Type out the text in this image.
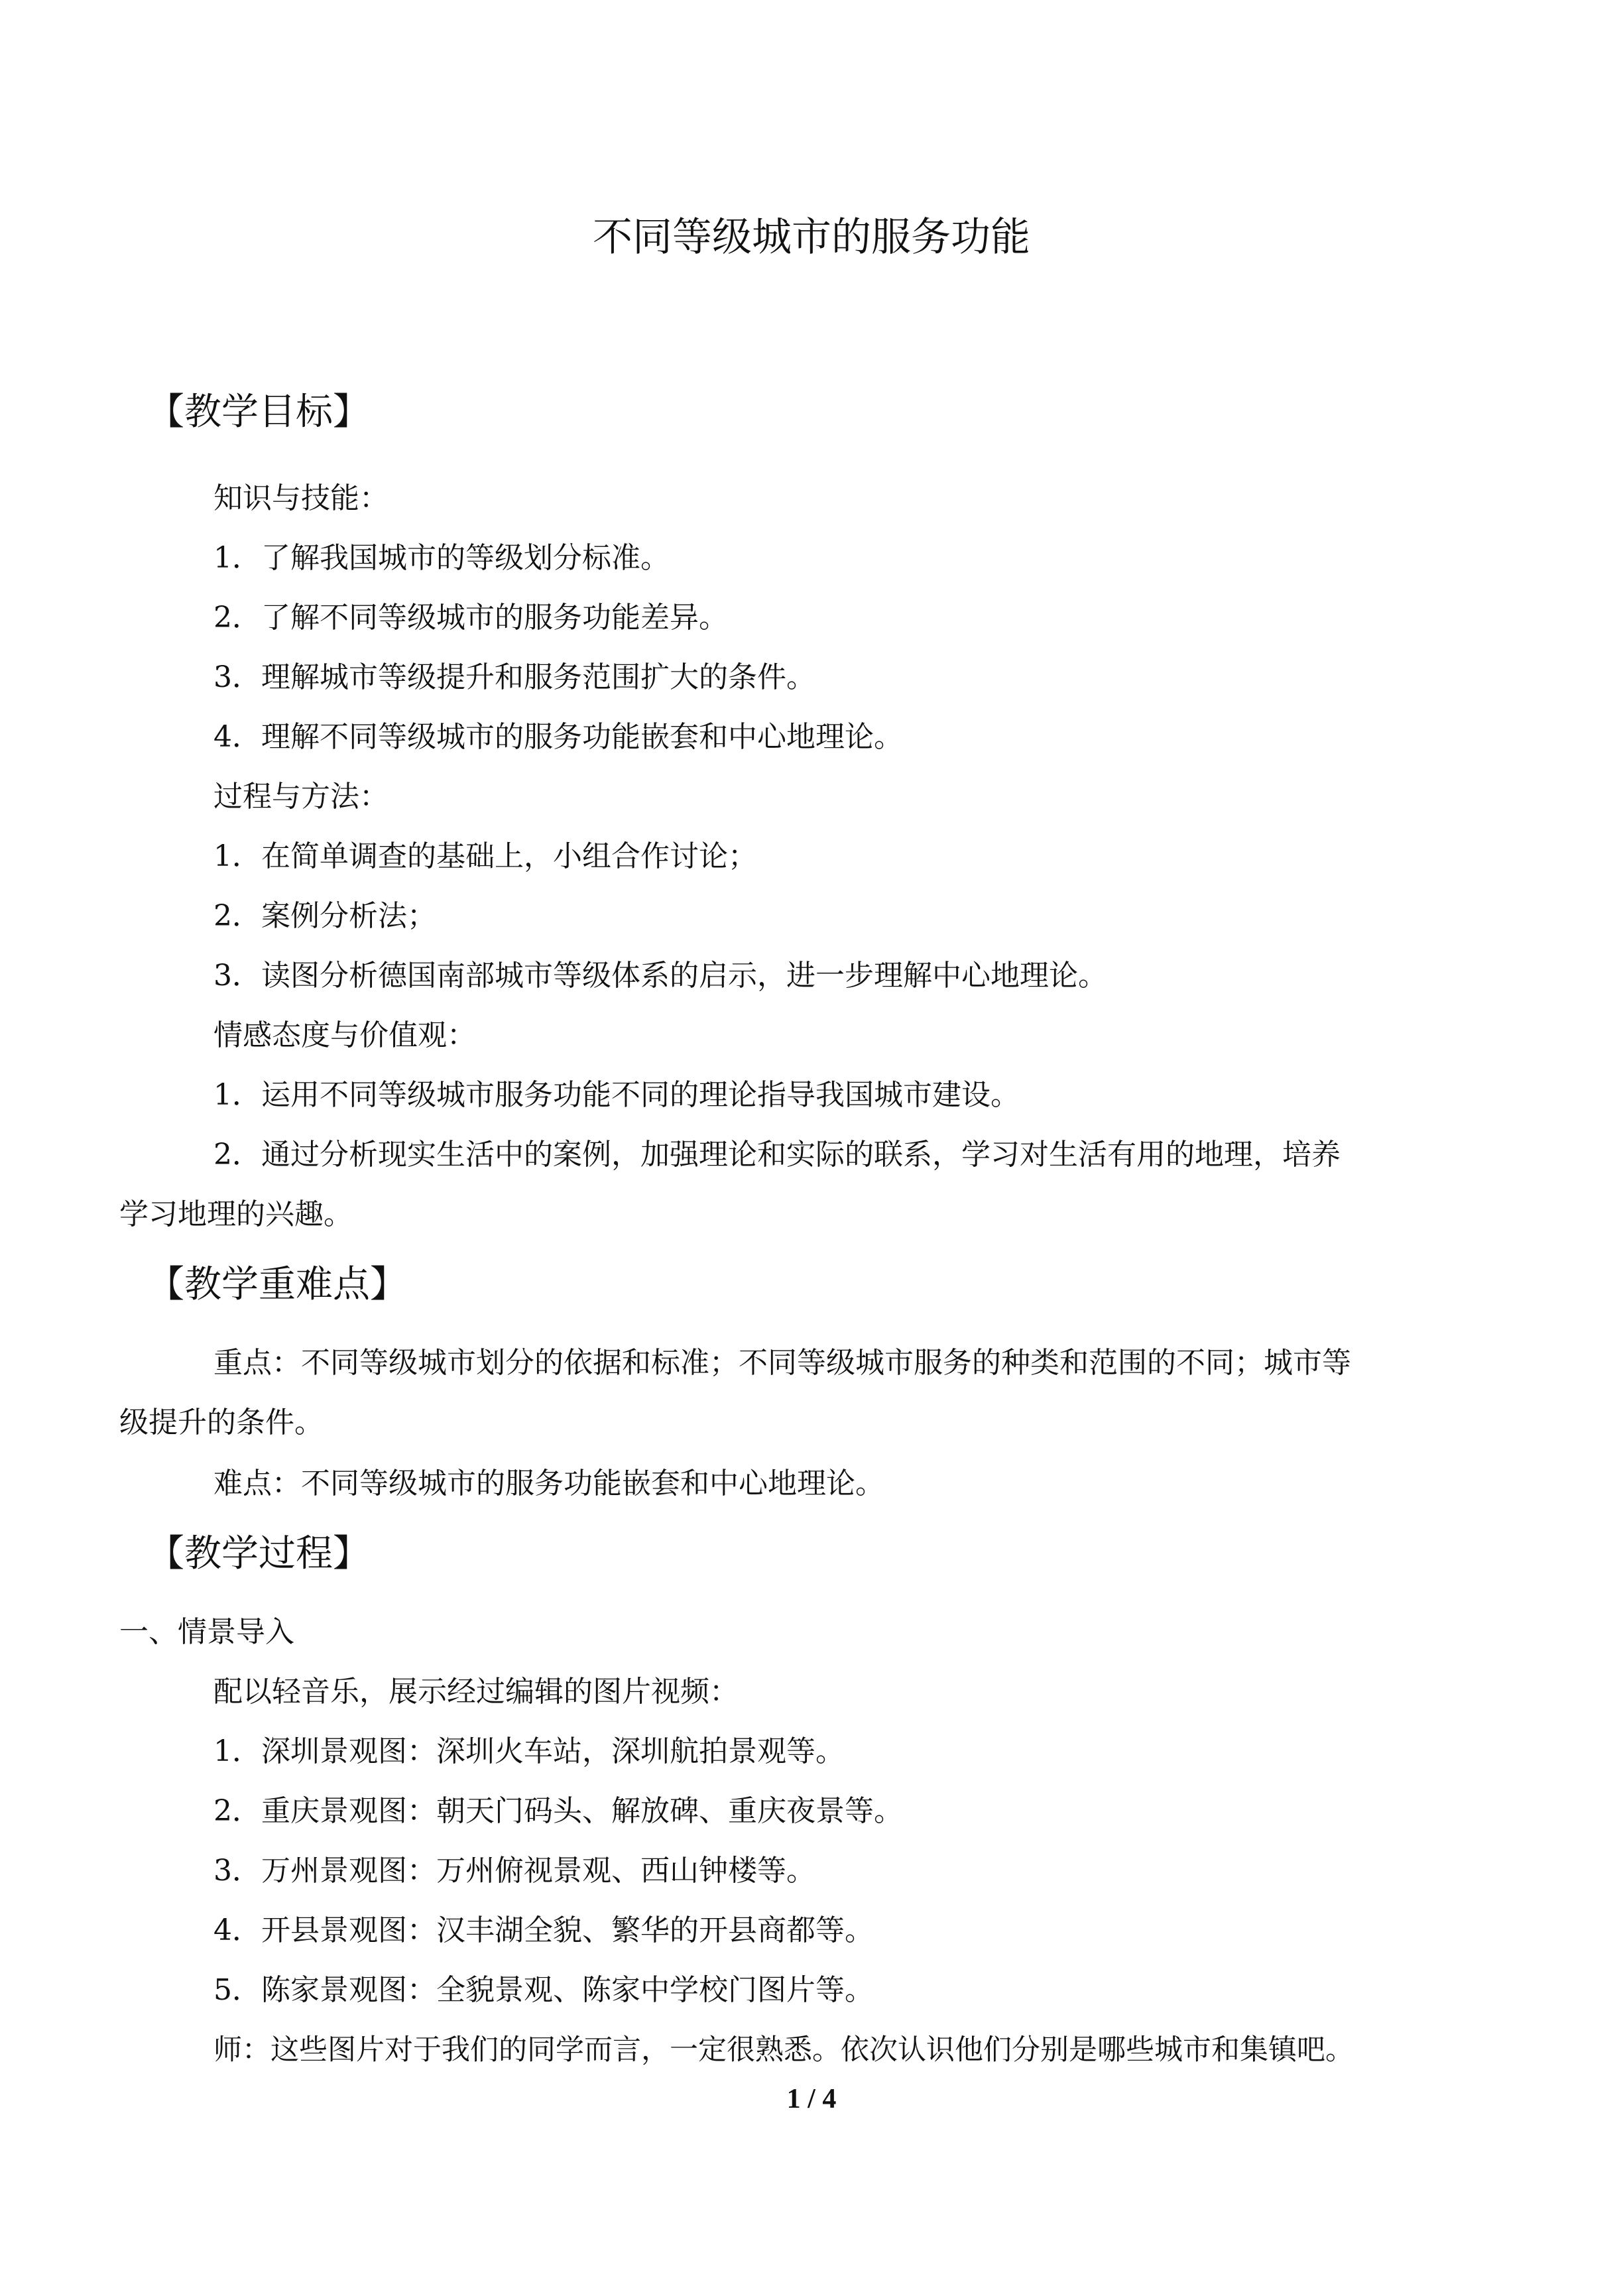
不同等级城市的服务功能
【教学目标】
知识与技能：
1．了解我国城市的等级划分标准。
2．了解不同等级城市的服务功能差异。
3．理解城市等级提升和服务范围扩大的条件。
4．理解不同等级城市的服务功能嵌套和中心地理论。
过程与方法：
1．在简单调查的基础上，小组合作讨论；
2．案例分析法；
3．读图分析德国南部城市等级体系的启示，进一步理解中心地理论。
情感态度与价值观：
1．运用不同等级城市服务功能不同的理论指导我国城市建设。
2．通过分析现实生活中的案例，加强理论和实际的联系，学习对生活有用的地理，培养
学习地理的兴趣。
【教学重难点】
重点：不同等级城市划分的依据和标准；不同等级城市服务的种类和范围的不同；城市等
级提升的条件。
难点：不同等级城市的服务功能嵌套和中心地理论。
【教学过程】
一、情景导入
配以轻音乐，展示经过编辑的图片视频：
1．深圳景观图：深圳火车站，深圳航拍景观等。
2．重庆景观图：朝天门码头、解放碑、重庆夜景等。
3．万州景观图：万州俯视景观、西山钟楼等。
4．开县景观图：汉丰湖全貌、繁华的开县商都等。
5．陈家景观图：全貌景观、陈家中学校门图片等。
师：这些图片对于我们的同学而言，一定很熟悉。依次认识他们分别是哪些城市和集镇吧。
1 / 4
